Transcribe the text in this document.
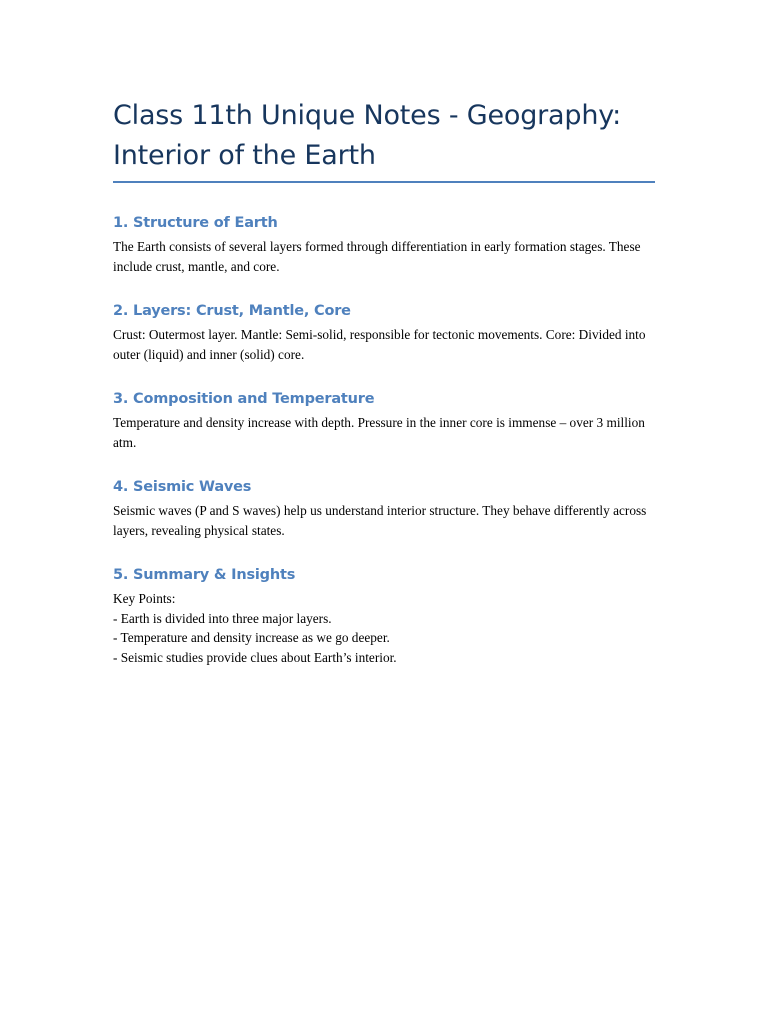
Class 11th Unique Notes - Geography: Interior of the Earth
1. Structure of Earth

The Earth consists of several layers formed through differentiation in early formation stages. These include crust, mantle, and core.

2. Layers: Crust, Mantle, Core

Crust: Outermost layer. Mantle: Semi-solid, responsible for tectonic movements. Core: Divided into outer (liquid) and inner (solid) core.

3. Composition and Temperature

Temperature and density increase with depth. Pressure in the inner core is immense – over 3 million atm.

4. Seismic Waves

Seismic waves (P and S waves) help us understand interior structure. They behave differently across layers, revealing physical states.

5. Summary & Insights
Key Points:
- Earth is divided into three major layers.
- Temperature and density increase as we go deeper.
- Seismic studies provide clues about Earth’s interior.
